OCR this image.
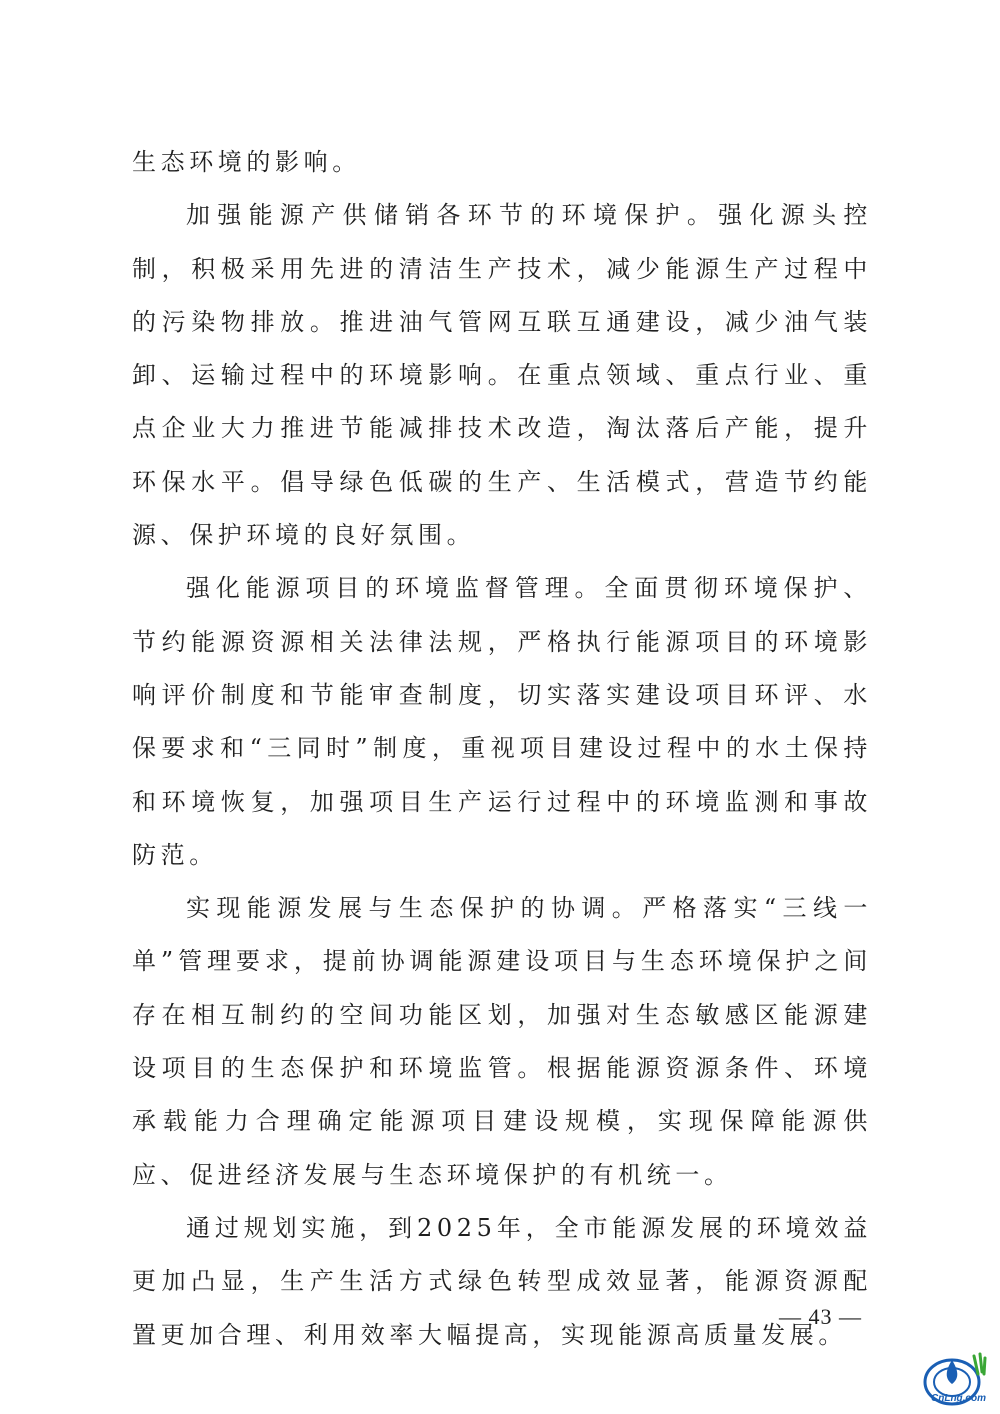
生态环境的影响。

加强能源产供储销各环节的环境保护。强化源头控制，积极采用先进的清洁生产技术，减少能源生产过程中的污染物排放。推进油气管网互联互通建设，减少油气装卸、运输过程中的环境影响。在重点领域、重点行业、重点企业大力推进节能减排技术改造，淘汰落后产能，提升环保水平。倡导绿色低碳的生产、生活模式，营造节约能源、保护环境的良好氛围。

强化能源项目的环境监督管理。全面贯彻环境保护、节约能源资源相关法律法规，严格执行能源项目的环境影响评价制度和节能审查制度，切实落实建设项目环评、水保要求和“三同时”制度，重视项目建设过程中的水土保持和环境恢复，加强项目生产运行过程中的环境监测和事故防范。

实现能源发展与生态保护的协调。严格落实“三线一单”管理要求，提前协调能源建设项目与生态环境保护之间存在相互制约的空间功能区划，加强对生态敏感区能源建设项目的生态保护和环境监管。根据能源资源条件、环境承载能力合理确定能源项目建设规模，实现保障能源供应、促进经济发展与生态环境保护的有机统一。

通过规划实施，到2025年，全市能源发展的环境效益更加凸显，生产生活方式绿色转型成效显著，能源资源配置更加合理、利用效率大幅提高，实现能源高质量发展。

— 43 —
CnLng.com
